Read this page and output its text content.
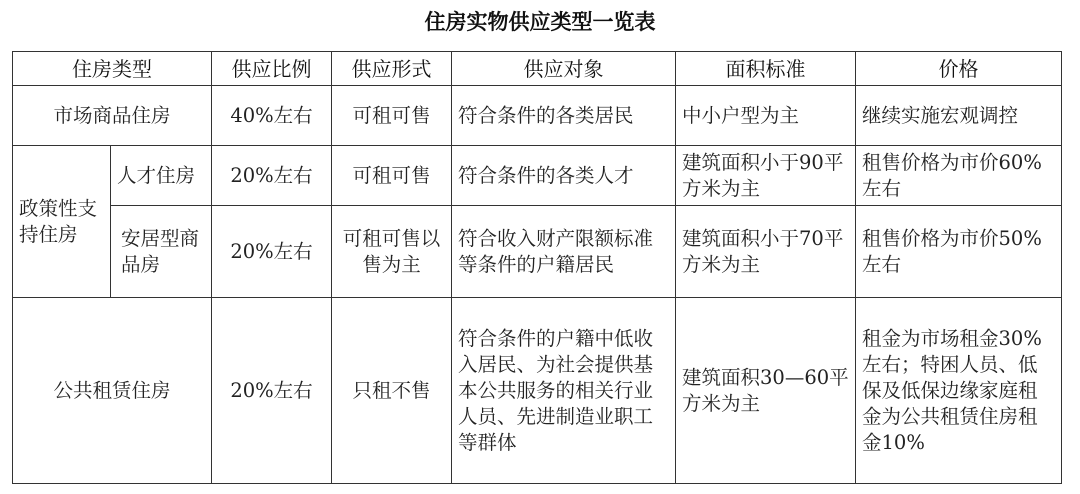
住房实物供应类型一览表
住房类型		供应比例	供应形式	供应对象	面积标准	价格
市场商品住房		40%左右	可租可售	符合条件的各类居民	中小户型为主	继续实施宏观调控
政策性支持住房	人才住房	20%左右	可租可售	符合条件的各类人才	建筑面积小于90平方米为主	租售价格为市价60%左右
	安居型商品房	20%左右	可租可售以售为主	符合收入财产限额标准等条件的户籍居民	建筑面积小于70平方米为主	租售价格为市价50%左右
公共租赁住房		20%左右	只租不售	符合条件的户籍中低收入居民、为社会提供基本公共服务的相关行业人员、先进制造业职工等群体	建筑面积30—60平方米为主	租金为市场租金30%左右；特困人员、低保及低保边缘家庭租金为公共租赁住房租金10%
